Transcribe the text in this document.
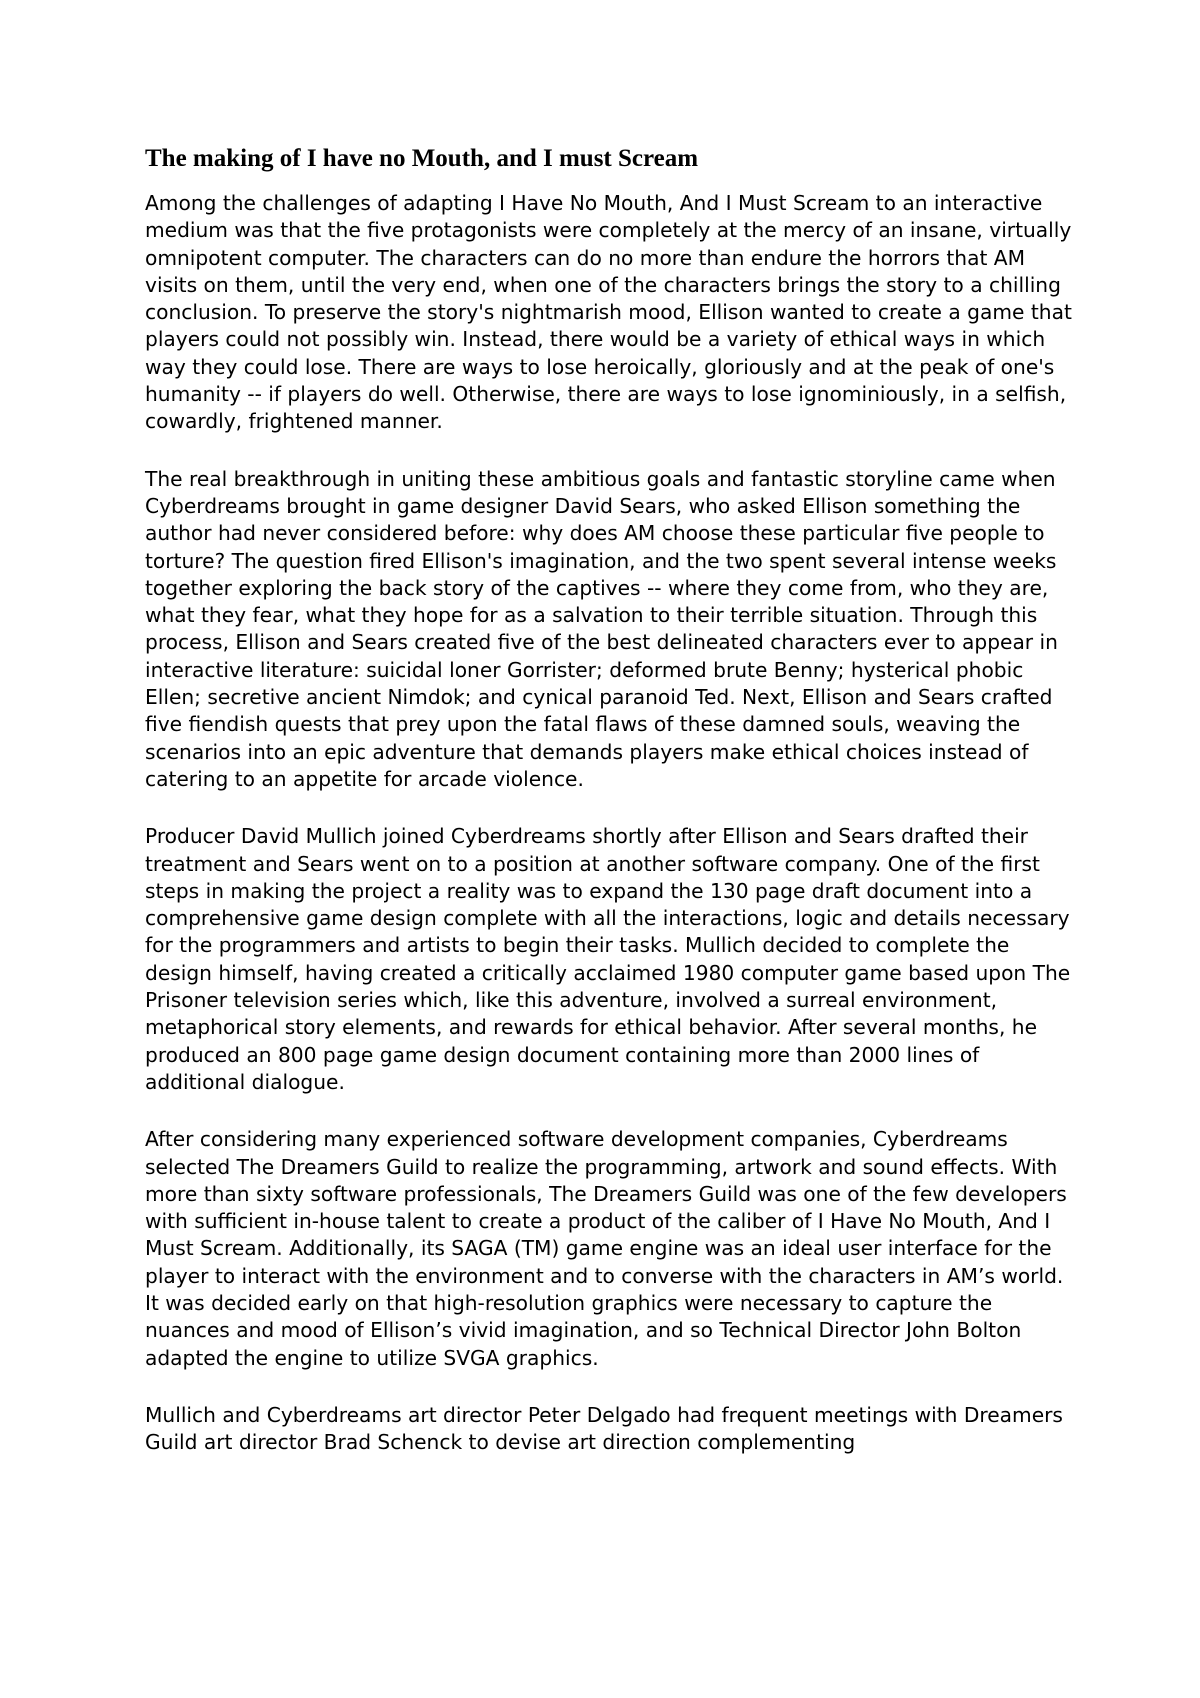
The making of I have no Mouth, and I must Scream

Among the challenges of adapting I Have No Mouth, And I Must Scream to an interactive medium was that the five protagonists were completely at the mercy of an insane, virtually omnipotent computer. The characters can do no more than endure the horrors that AM visits on them, until the very end, when one of the characters brings the story to a chilling conclusion. To preserve the story's nightmarish mood, Ellison wanted to create a game that players could not possibly win. Instead, there would be a variety of ethical ways in which way they could lose. There are ways to lose heroically, gloriously and at the peak of one's humanity -- if players do well. Otherwise, there are ways to lose ignominiously, in a selfish, cowardly, frightened manner.

The real breakthrough in uniting these ambitious goals and fantastic storyline came when Cyberdreams brought in game designer David Sears, who asked Ellison something the author had never considered before: why does AM choose these particular five people to torture? The question fired Ellison's imagination, and the two spent several intense weeks together exploring the back story of the captives -- where they come from, who they are, what they fear, what they hope for as a salvation to their terrible situation. Through this process, Ellison and Sears created five of the best delineated characters ever to appear in interactive literature: suicidal loner Gorrister; deformed brute Benny; hysterical phobic Ellen; secretive ancient Nimdok; and cynical paranoid Ted. Next, Ellison and Sears crafted five fiendish quests that prey upon the fatal flaws of these damned souls, weaving the scenarios into an epic adventure that demands players make ethical choices instead of catering to an appetite for arcade violence.

Producer David Mullich joined Cyberdreams shortly after Ellison and Sears drafted their treatment and Sears went on to a position at another software company. One of the first steps in making the project a reality was to expand the 130 page draft document into a comprehensive game design complete with all the interactions, logic and details necessary for the programmers and artists to begin their tasks. Mullich decided to complete the design himself, having created a critically acclaimed 1980 computer game based upon The Prisoner television series which, like this adventure, involved a surreal environment, metaphorical story elements, and rewards for ethical behavior. After several months, he produced an 800 page game design document containing more than 2000 lines of additional dialogue.

After considering many experienced software development companies, Cyberdreams selected The Dreamers Guild to realize the programming, artwork and sound effects. With more than sixty software professionals, The Dreamers Guild was one of the few developers with sufficient in-house talent to create a product of the caliber of I Have No Mouth, And I Must Scream. Additionally, its SAGA (TM) game engine was an ideal user interface for the player to interact with the environment and to converse with the characters in AM’s world. It was decided early on that high-resolution graphics were necessary to capture the nuances and mood of Ellison’s vivid imagination, and so Technical Director John Bolton adapted the engine to utilize SVGA graphics.

Mullich and Cyberdreams art director Peter Delgado had frequent meetings with Dreamers Guild art director Brad Schenck to devise art direction complementing
